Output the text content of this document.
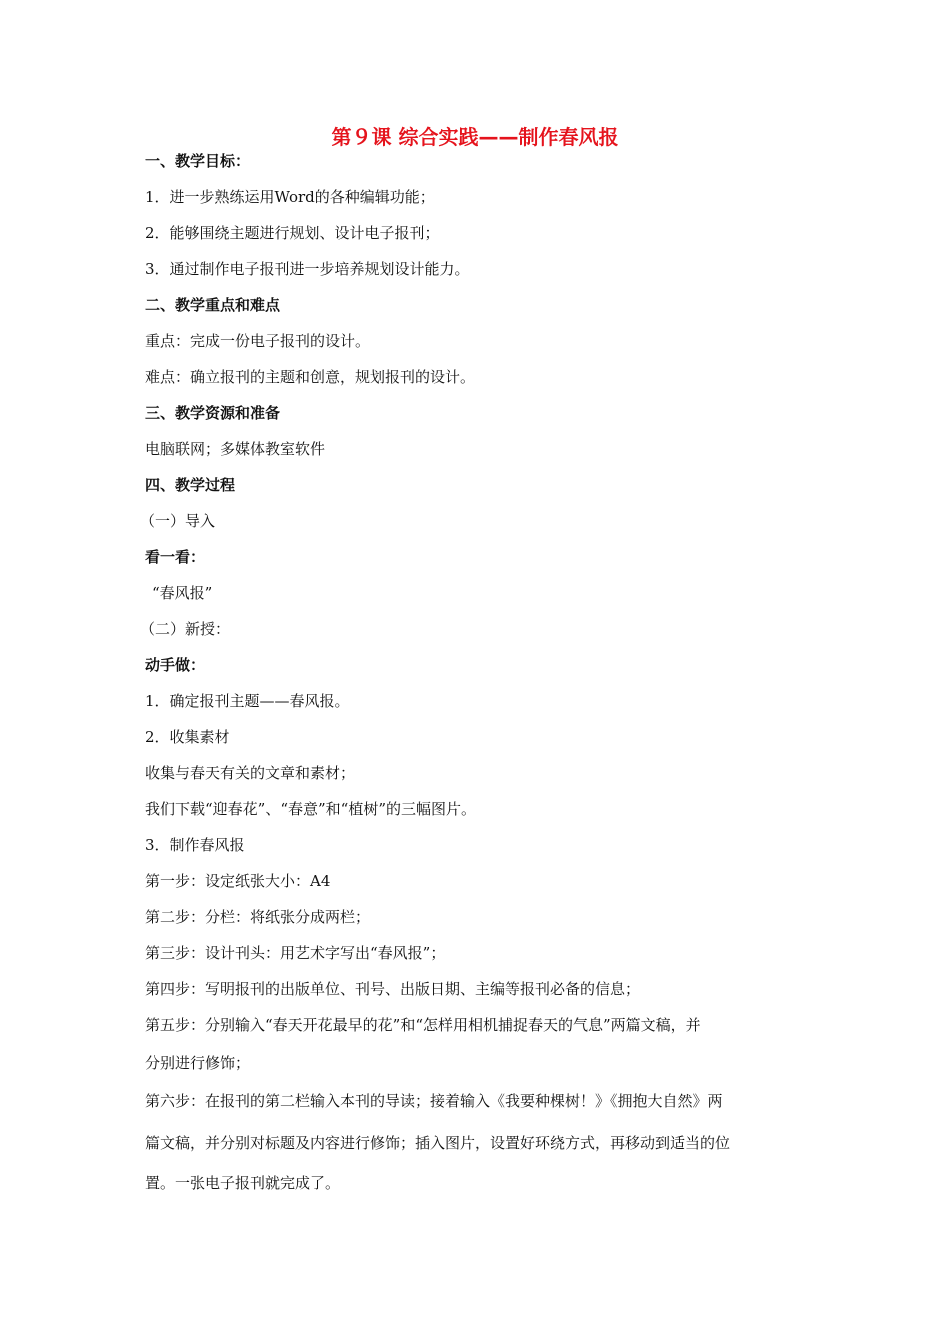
第９课 综合实践——制作春风报
一、教学目标：
1．进一步熟练运用Word的各种编辑功能；
2．能够围绕主题进行规划、设计电子报刊；
3．通过制作电子报刊进一步培养规划设计能力。
二、教学重点和难点
重点：完成一份电子报刊的设计。
难点：确立报刊的主题和创意，规划报刊的设计。
三、教学资源和准备
电脑联网；多媒体教室软件
四、教学过程
（一）导入
看一看：
“春风报”
（二）新授：
动手做：
1．确定报刊主题——春风报。
2．收集素材
收集与春天有关的文章和素材；
我们下载“迎春花”、“春意”和“植树”的三幅图片。
3．制作春风报
第一步：设定纸张大小：A4
第二步：分栏：将纸张分成两栏；
第三步：设计刊头：用艺术字写出“春风报”；
第四步：写明报刊的出版单位、刊号、出版日期、主编等报刊必备的信息；
第五步：分别输入“春天开花最早的花”和“怎样用相机捕捉春天的气息”两篇文稿，并
分别进行修饰；
第六步：在报刊的第二栏输入本刊的导读；接着输入《我要种棵树！》《拥抱大自然》两
篇文稿，并分别对标题及内容进行修饰；插入图片，设置好环绕方式，再移动到适当的位
置。一张电子报刊就完成了。
